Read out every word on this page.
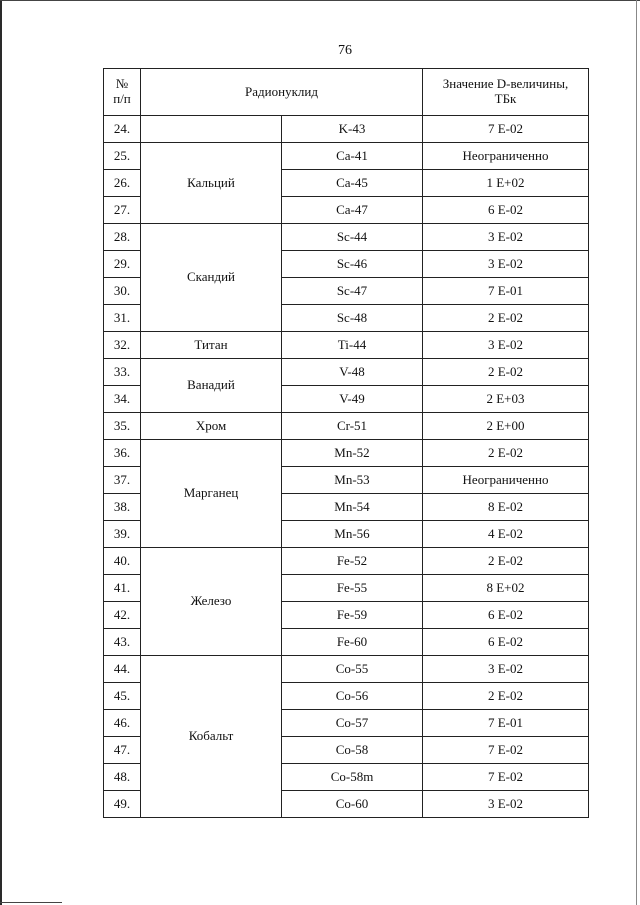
76
№
п/п	Радионуклид		Значение D-величины,
ТБк
24.		K-43	7 E-02
25.	Кальций	Ca-41	Неограниченно
26.		Ca-45	1 E+02
27.		Ca-47	6 E-02
28.	Скандий	Sc-44	3 E-02
29.		Sc-46	3 E-02
30.		Sc-47	7 E-01
31.		Sc-48	2 E-02
32.	Титан	Ti-44	3 E-02
33.	Ванадий	V-48	2 E-02
34.		V-49	2 E+03
35.	Хром	Cr-51	2 E+00
36.	Марганец	Mn-52	2 E-02
37.		Mn-53	Неограниченно
38.		Mn-54	8 E-02
39.		Mn-56	4 E-02
40.	Железо	Fe-52	2 E-02
41.		Fe-55	8 E+02
42.		Fe-59	6 E-02
43.		Fe-60	6 E-02
44.	Кобальт	Co-55	3 E-02
45.		Co-56	2 E-02
46.		Co-57	7 E-01
47.		Co-58	7 E-02
48.		Co-58m	7 E-02
49.		Co-60	3 E-02
